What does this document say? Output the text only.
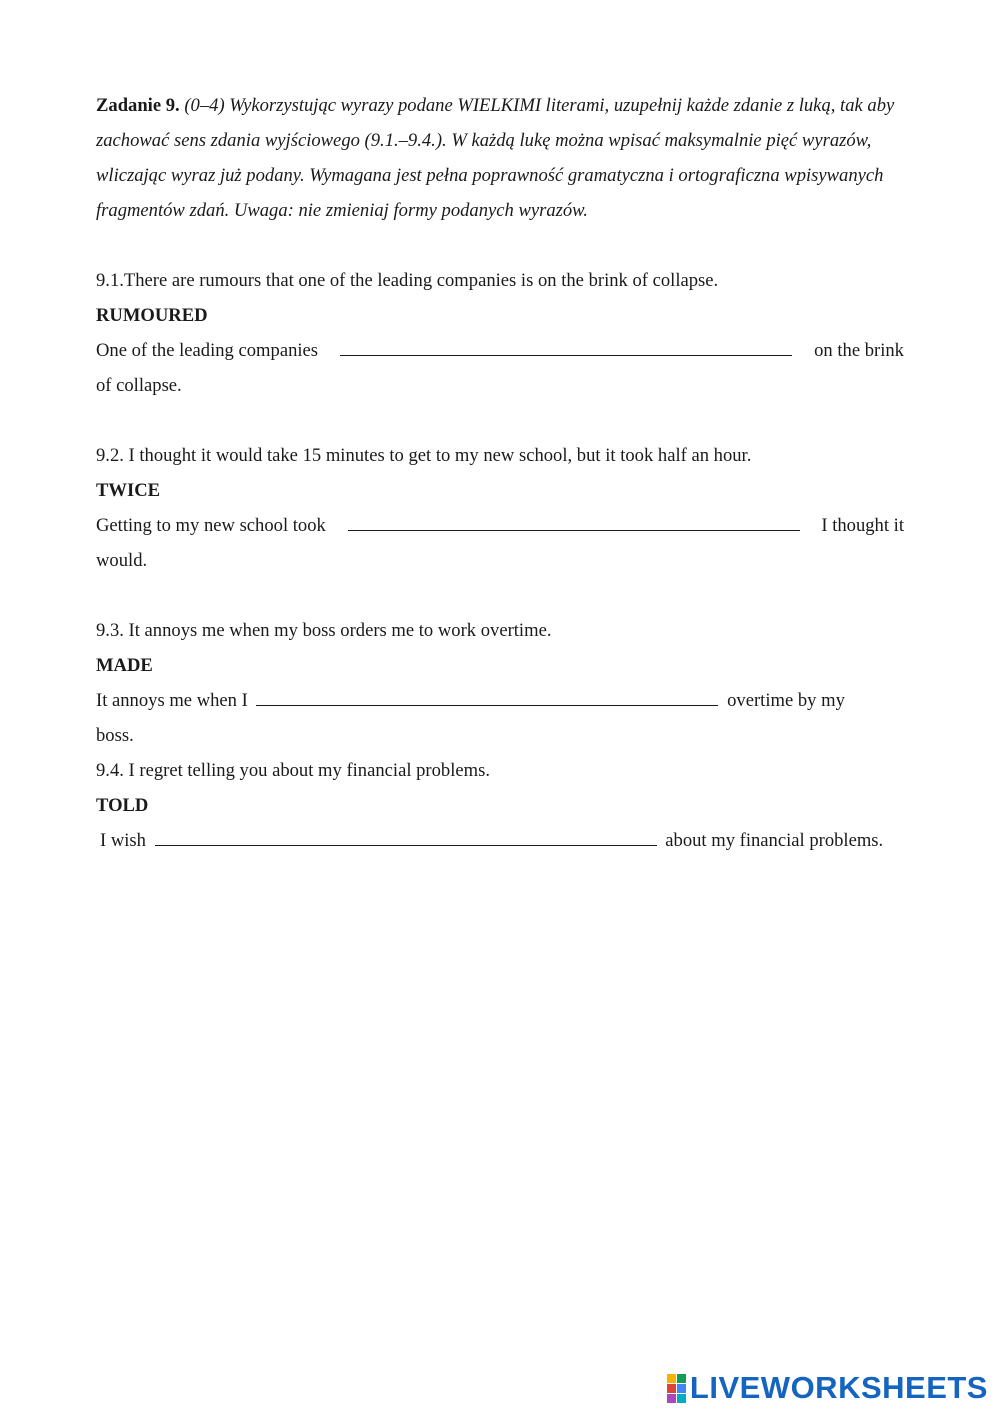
Zadanie 9. (0–4) Wykorzystując wyrazy podane WIELKIMI literami, uzupełnij każde zdanie z luką, tak aby zachować sens zdania wyjściowego (9.1.–9.4.). W każdą lukę można wpisać maksymalnie pięć wyrazów, wliczając wyraz już podany. Wymagana jest pełna poprawność gramatyczna i ortograficzna wpisywanych fragmentów zdań. Uwaga: nie zmieniaj formy podanych wyrazów.

9.1.There are rumours that one of the leading companies is on the brink of collapse.

RUMOURED

One of the leading companies	on the brink
of collapse.

9.2. I thought it would take 15 minutes to get to my new school, but it took half an hour.

TWICE

Getting to my new school took	I thought it
would.

9.3. It annoys me when my boss orders me to work overtime.

MADE

It annoys me when I	overtime by my
boss.

9.4. I regret telling you about my financial problems.

TOLD

I wish	about my financial problems.
LIVEWORKSHEETS
